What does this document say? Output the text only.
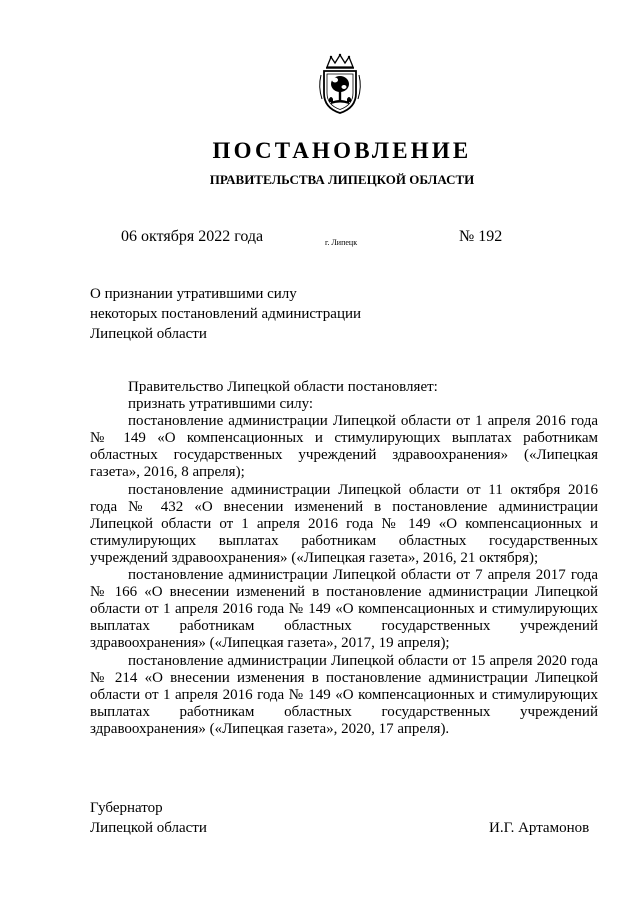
ПОСТАНОВЛЕНИЕ
ПРАВИТЕЛЬСТВА ЛИПЕЦКОЙ ОБЛАСТИ
06 октября 2022 года	г. Липецк	№ 192
О признании утратившими силу
некоторых постановлений администрации
Липецкой области

Правительство Липецкой области постановляет:

признать утратившими силу:

постановление администрации Липецкой области от 1 апреля 2016 года № 149 «О компенсационных и стимулирующих выплатах работникам областных государственных учреждений здравоохранения» («Липецкая газета», 2016, 8 апреля);

постановление администрации Липецкой области от 11 октября 2016 года № 432 «О внесении изменений в постановление администрации Липецкой области от 1 апреля 2016 года № 149 «О компенсационных и стимулирующих выплатах работникам областных государственных учреждений здравоохранения» («Липецкая газета», 2016, 21 октября);

постановление администрации Липецкой области от 7 апреля 2017 года № 166 «О внесении изменений в постановление администрации Липецкой области от 1 апреля 2016 года № 149 «О компенсационных и стимулирующих выплатах работникам областных государственных учреждений здравоохранения» («Липецкая газета», 2017, 19 апреля);

постановление администрации Липецкой области от 15 апреля 2020 года № 214 «О внесении изменения в постановление администрации Липецкой области от 1 апреля 2016 года № 149 «О компенсационных и стимулирующих выплатах работникам областных государственных учреждений здравоохранения» («Липецкая газета», 2020, 17 апреля).

Губернатор
Липецкой области	И.Г. Артамонов
